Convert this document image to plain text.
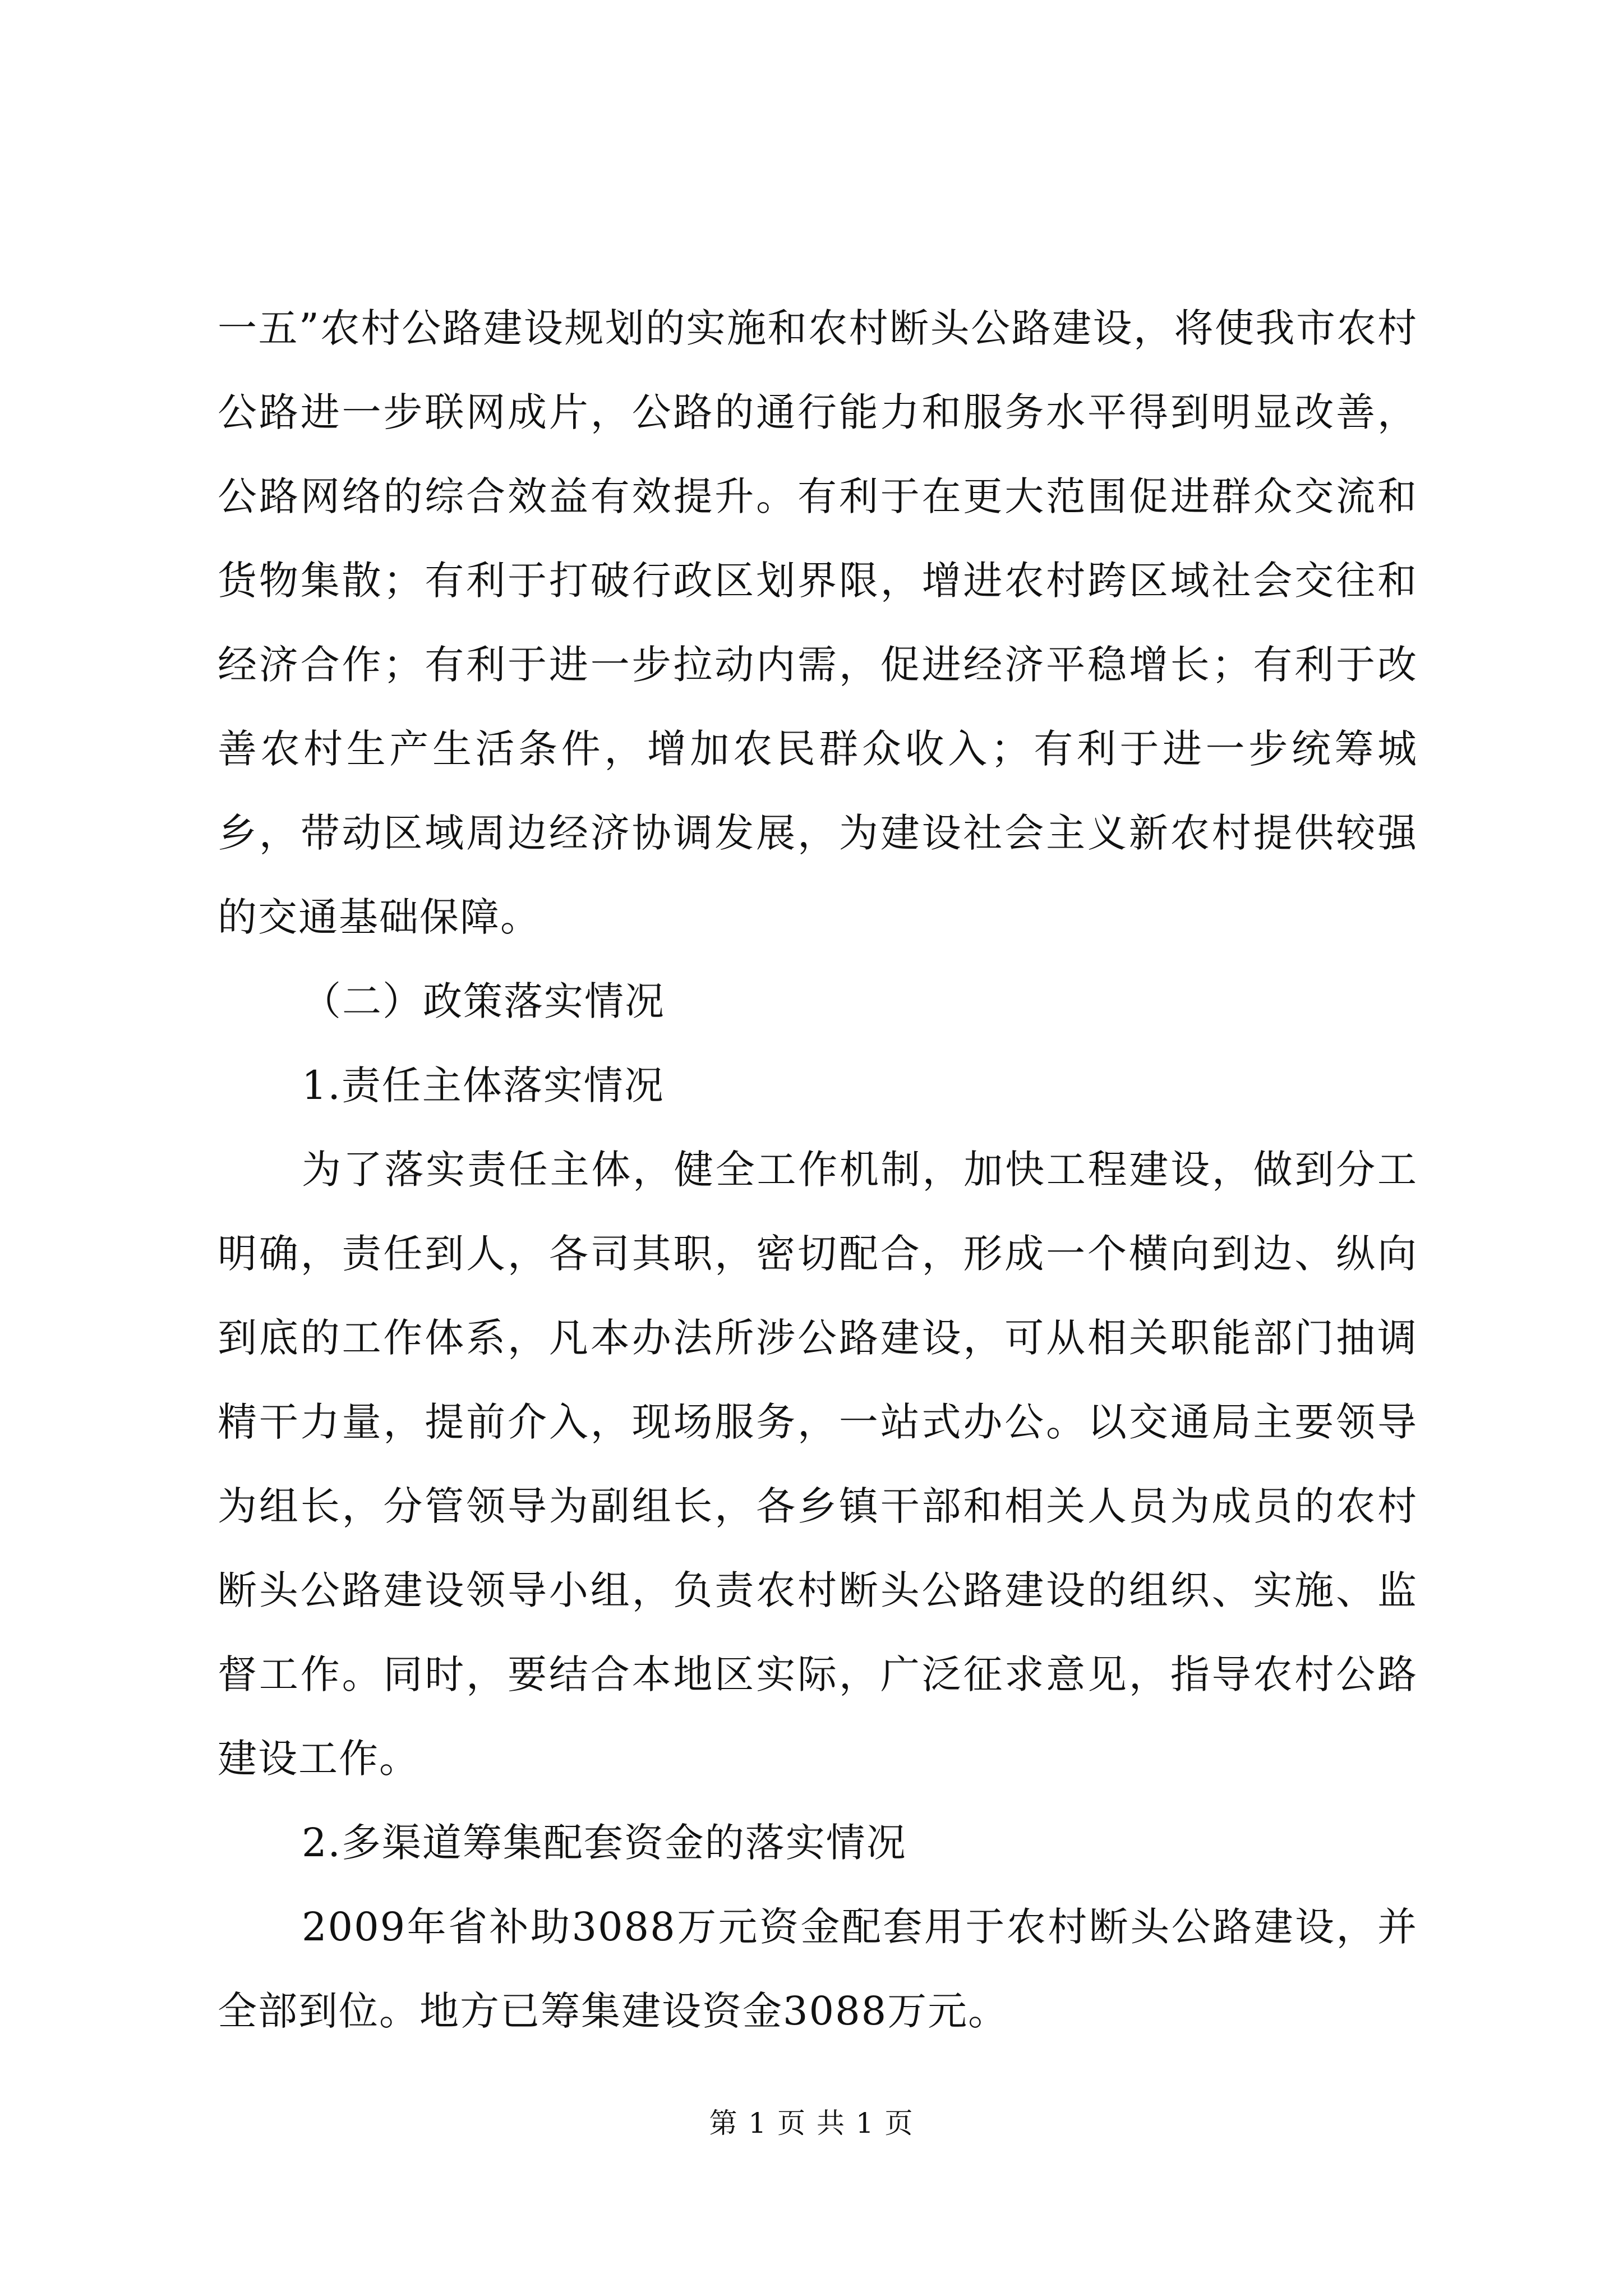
一五”农村公路建设规划的实施和农村断头公路建设，将使我市农村公路进一步联网成片，公路的通行能力和服务水平得到明显改善，公路网络的综合效益有效提升。有利于在更大范围促进群众交流和货物集散；有利于打破行政区划界限，增进农村跨区域社会交往和经济合作；有利于进一步拉动内需，促进经济平稳增长；有利于改善农村生产生活条件，增加农民群众收入；有利于进一步统筹城乡，带动区域周边经济协调发展，为建设社会主义新农村提供较强的交通基础保障。

（二）政策落实情况

1.责任主体落实情况

为了落实责任主体，健全工作机制，加快工程建设，做到分工明确，责任到人，各司其职，密切配合，形成一个横向到边、纵向到底的工作体系，凡本办法所涉公路建设，可从相关职能部门抽调精干力量，提前介入，现场服务，一站式办公。以交通局主要领导为组长，分管领导为副组长，各乡镇干部和相关人员为成员的农村断头公路建设领导小组，负责农村断头公路建设的组织、实施、监督工作。同时，要结合本地区实际，广泛征求意见，指导农村公路建设工作。

2.多渠道筹集配套资金的落实情况

2009年省补助3088万元资金配套用于农村断头公路建设，并全部到位。地方已筹集建设资金3088万元。

第 1 页 共 1 页
